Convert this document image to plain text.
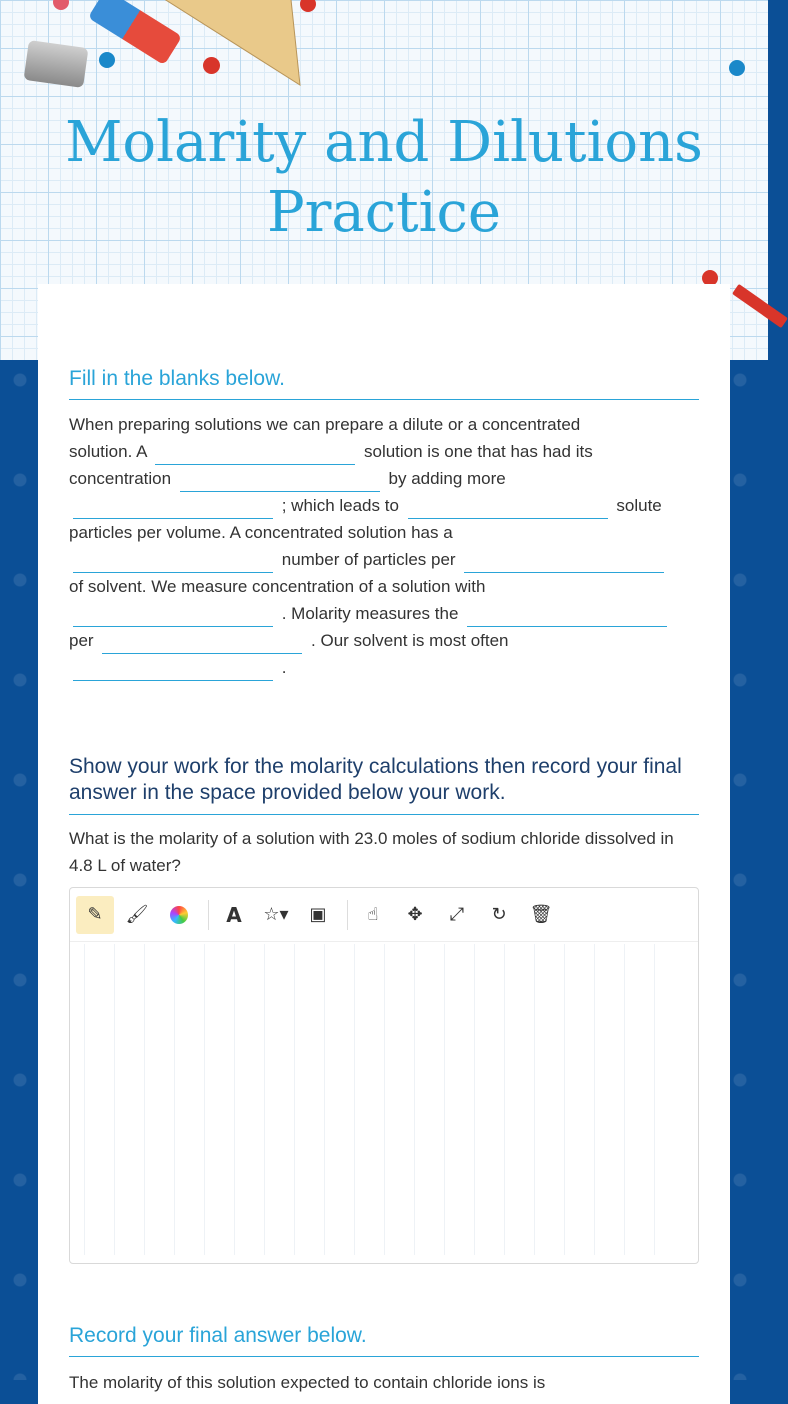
Molarity and Dilutions Practice
Fill in the blanks below.
When preparing solutions we can prepare a dilute or a concentrated
solution. A	solution is one that has had its
concentration	by adding more
; which leads to	solute
particles per volume. A concentrated solution has a
number of particles per
of solvent. We measure concentration of a solution with
. Molarity measures the
per	. Our solvent is most often
.
Show your work for the molarity calculations then record your final answer in the space provided below your work.
What is the molarity of a solution with 23.0 moles of sodium chloride dissolved in 4.8 L of water?
✎	🖌	A	☆▾	▣	☝	✥	⤢	↻	🗑
Record your final answer below.
The molarity of this solution expected to contain chloride ions is
